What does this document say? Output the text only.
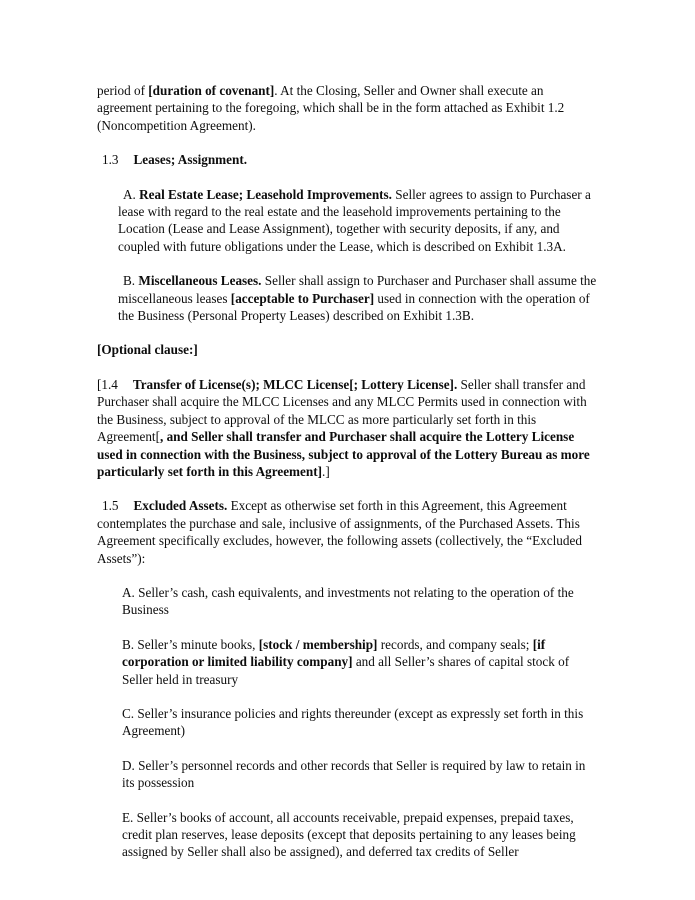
period of [duration of covenant]. At the Closing, Seller and Owner shall execute an agreement pertaining to the foregoing, which shall be in the form attached as Exhibit 1.2 (Noncompetition Agreement).

1.3 Leases; Assignment.

A. Real Estate Lease; Leasehold Improvements. Seller agrees to assign to Purchaser a lease with regard to the real estate and the leasehold improvements pertaining to the Location (Lease and Lease Assignment), together with security deposits, if any, and coupled with future obligations under the Lease, which is described on Exhibit 1.3A.

B. Miscellaneous Leases. Seller shall assign to Purchaser and Purchaser shall assume the miscellaneous leases [acceptable to Purchaser] used in connection with the operation of the Business (Personal Property Leases) described on Exhibit 1.3B.

[Optional clause:]

[1.4 Transfer of License(s); MLCC License[; Lottery License]. Seller shall transfer and Purchaser shall acquire the MLCC Licenses and any MLCC Permits used in connection with the Business, subject to approval of the MLCC as more particularly set forth in this Agreement[, and Seller shall transfer and Purchaser shall acquire the Lottery License used in connection with the Business, subject to approval of the Lottery Bureau as more particularly set forth in this Agreement].]

1.5 Excluded Assets. Except as otherwise set forth in this Agreement, this Agreement contemplates the purchase and sale, inclusive of assignments, of the Purchased Assets. This Agreement specifically excludes, however, the following assets (collectively, the “Excluded Assets”):

A. Seller’s cash, cash equivalents, and investments not relating to the operation of the Business

B. Seller’s minute books, [stock / membership] records, and company seals; [if corporation or limited liability company] and all Seller’s shares of capital stock of Seller held in treasury

C. Seller’s insurance policies and rights thereunder (except as expressly set forth in this Agreement)

D. Seller’s personnel records and other records that Seller is required by law to retain in its possession

E. Seller’s books of account, all accounts receivable, prepaid expenses, prepaid taxes, credit plan reserves, lease deposits (except that deposits pertaining to any leases being assigned by Seller shall also be assigned), and deferred tax credits of Seller
